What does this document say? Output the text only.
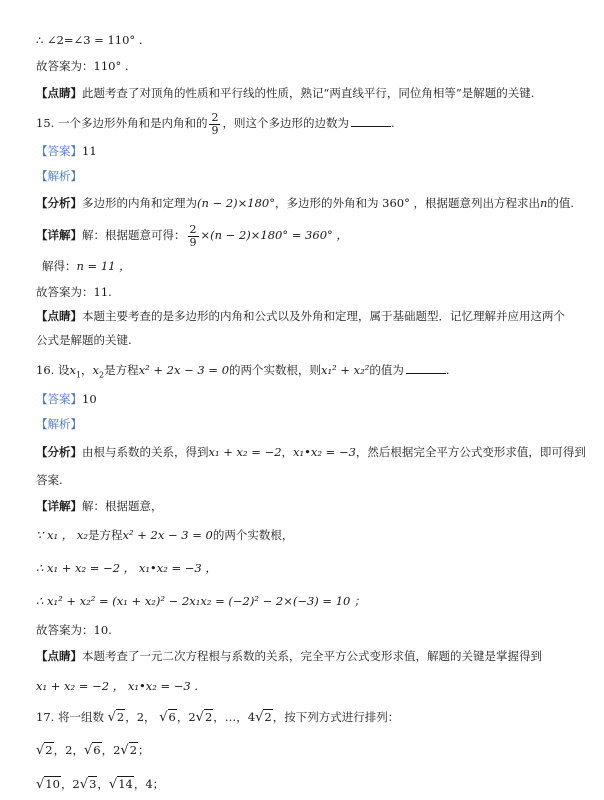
∴ ∠2=∠3 = 110° .
故答案为：110° .
【点睛】此题考查了对顶角的性质和平行线的性质，熟记“两直线平行，同位角相等”是解题的关键.
15. 一个多边形外角和是内角和的 $\frac{2}{9}$ ，则这个多边形的边数为	.
【答案】11
【解析】
【分析】多边形的内角和定理为(n − 2)×180°，多边形的外角和为 360° ，根据题意列出方程求出n的值.
【详解】解：根据题意可得： $\frac{2}{9} \times(n - 2)\times 180^\circ = 360^\circ$ ，
解得：n = 11 ，
故答案为：11.
【点睛】本题主要考查的是多边形的内角和公式以及外角和定理，属于基础题型．记忆理解并应用这两个
公式是解题的关键.
16. 设$x_1$，$x_2$是方程x² + 2x − 3 = 0的两个实数根，则x₁² + x₂²的值为	.
【答案】10
【解析】
【分析】由根与系数的关系，得到x₁ + x₂ = −2，x₁•x₂ = −3，然后根据完全平方公式变形求值，即可得到
答案.
【详解】解：根据题意，
∵ x₁ ， x₂是方程x² + 2x − 3 = 0的两个实数根，
∴ x₁ + x₂ = −2 ， x₁•x₂ = −3 ，
∴ x₁² + x₂² = (x₁ + x₂)² − 2x₁x₂ = (−2)² − 2×(−3) = 10 ；
故答案为：10.
【点睛】本题考查了一元二次方程根与系数的关系，完全平方公式变形求值，解题的关键是掌握得到
x₁ + x₂ = −2 ， x₁•x₂ = −3 .
17. 将一组数 √2，2， √6，2√2，…，4√2，按下列方式进行排列：
√2，2，√6，2√2；
√10，2√3，√14，4；
